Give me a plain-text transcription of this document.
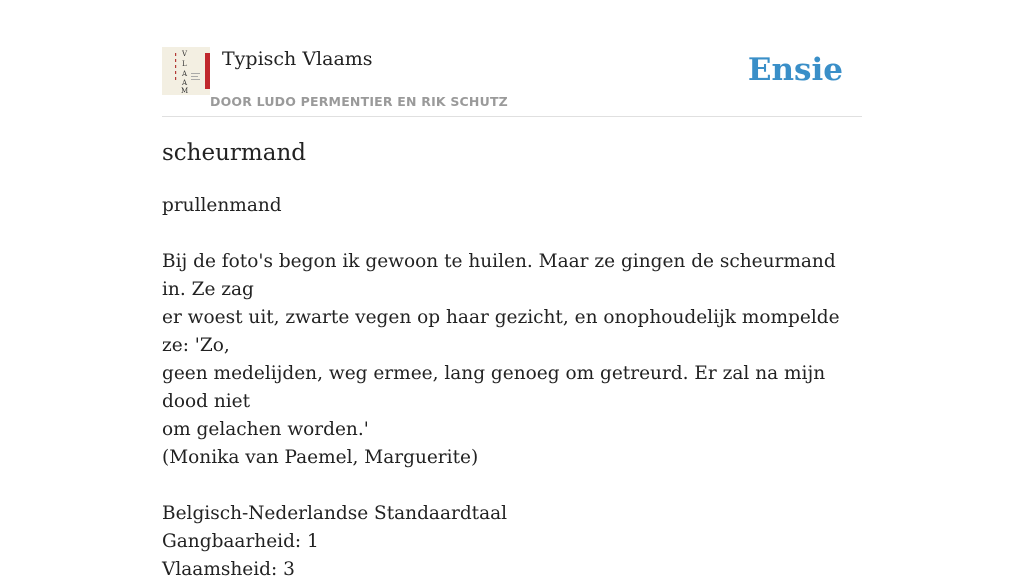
V
L
A
A
M
Typisch Vlaams
DOOR LUDO PERMENTIER EN RIK SCHUTZ
Ensie
scheurmand

prullenmand

Bij de foto's begon ik gewoon te huilen. Maar ze gingen de scheurmand in. Ze zag

er woest uit, zwarte vegen op haar gezicht, en onophoudelijk mompelde ze: 'Zo,

geen medelijden, weg ermee, lang genoeg om getreurd. Er zal na mijn dood niet

om gelachen worden.'

(Monika van Paemel, Marguerite)

Belgisch-Nederlandse Standaardtaal

Gangbaarheid: 1

Vlaamsheid: 3
